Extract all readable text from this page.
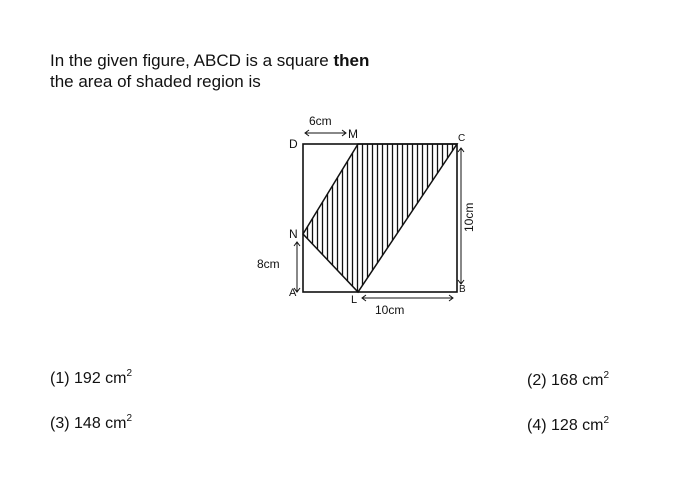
In the given figure, ABCD is a square then
the area of shaded region is
D
M	C
N
A	B
L
6cm
8cm
10cm
10cm
(1) 192 $cm^2$	(2) 168 $cm^2$
(3) 148 $cm^2$	(4) 128 $cm^2$
